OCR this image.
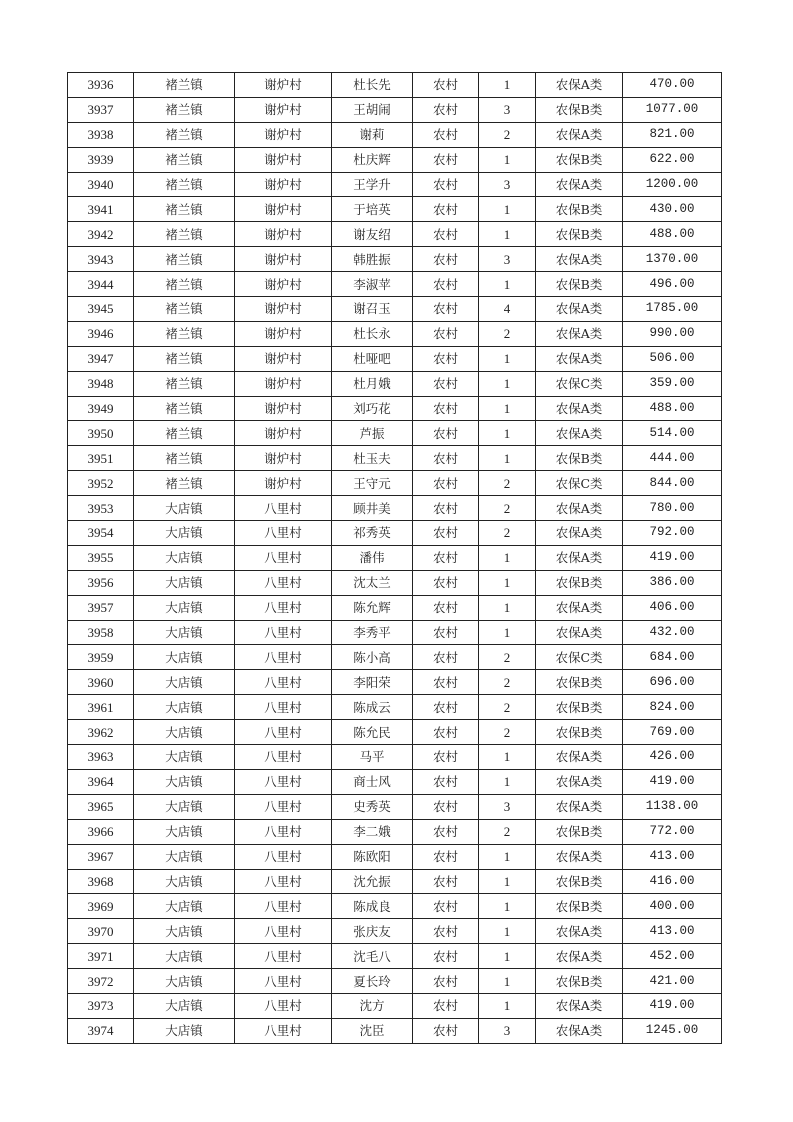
3936	褚兰镇	谢炉村	杜长先	农村	1	农保A类	470.00
3937	褚兰镇	谢炉村	王胡闹	农村	3	农保B类	1077.00
3938	褚兰镇	谢炉村	谢莉	农村	2	农保A类	821.00
3939	褚兰镇	谢炉村	杜庆辉	农村	1	农保B类	622.00
3940	褚兰镇	谢炉村	王学升	农村	3	农保A类	1200.00
3941	褚兰镇	谢炉村	于培英	农村	1	农保B类	430.00
3942	褚兰镇	谢炉村	谢友绍	农村	1	农保B类	488.00
3943	褚兰镇	谢炉村	韩胜振	农村	3	农保A类	1370.00
3944	褚兰镇	谢炉村	李淑苹	农村	1	农保B类	496.00
3945	褚兰镇	谢炉村	谢召玉	农村	4	农保A类	1785.00
3946	褚兰镇	谢炉村	杜长永	农村	2	农保A类	990.00
3947	褚兰镇	谢炉村	杜哑吧	农村	1	农保A类	506.00
3948	褚兰镇	谢炉村	杜月娥	农村	1	农保C类	359.00
3949	褚兰镇	谢炉村	刘巧花	农村	1	农保A类	488.00
3950	褚兰镇	谢炉村	芦振	农村	1	农保A类	514.00
3951	褚兰镇	谢炉村	杜玉夫	农村	1	农保B类	444.00
3952	褚兰镇	谢炉村	王守元	农村	2	农保C类	844.00
3953	大店镇	八里村	顾井美	农村	2	农保A类	780.00
3954	大店镇	八里村	祁秀英	农村	2	农保A类	792.00
3955	大店镇	八里村	潘伟	农村	1	农保A类	419.00
3956	大店镇	八里村	沈太兰	农村	1	农保B类	386.00
3957	大店镇	八里村	陈允辉	农村	1	农保A类	406.00
3958	大店镇	八里村	李秀平	农村	1	农保A类	432.00
3959	大店镇	八里村	陈小高	农村	2	农保C类	684.00
3960	大店镇	八里村	李阳荣	农村	2	农保B类	696.00
3961	大店镇	八里村	陈成云	农村	2	农保B类	824.00
3962	大店镇	八里村	陈允民	农村	2	农保B类	769.00
3963	大店镇	八里村	马平	农村	1	农保A类	426.00
3964	大店镇	八里村	商士风	农村	1	农保A类	419.00
3965	大店镇	八里村	史秀英	农村	3	农保A类	1138.00
3966	大店镇	八里村	李二娥	农村	2	农保B类	772.00
3967	大店镇	八里村	陈欧阳	农村	1	农保A类	413.00
3968	大店镇	八里村	沈允振	农村	1	农保B类	416.00
3969	大店镇	八里村	陈成良	农村	1	农保B类	400.00
3970	大店镇	八里村	张庆友	农村	1	农保A类	413.00
3971	大店镇	八里村	沈毛八	农村	1	农保A类	452.00
3972	大店镇	八里村	夏长玲	农村	1	农保B类	421.00
3973	大店镇	八里村	沈方	农村	1	农保A类	419.00
3974	大店镇	八里村	沈臣	农村	3	农保A类	1245.00
